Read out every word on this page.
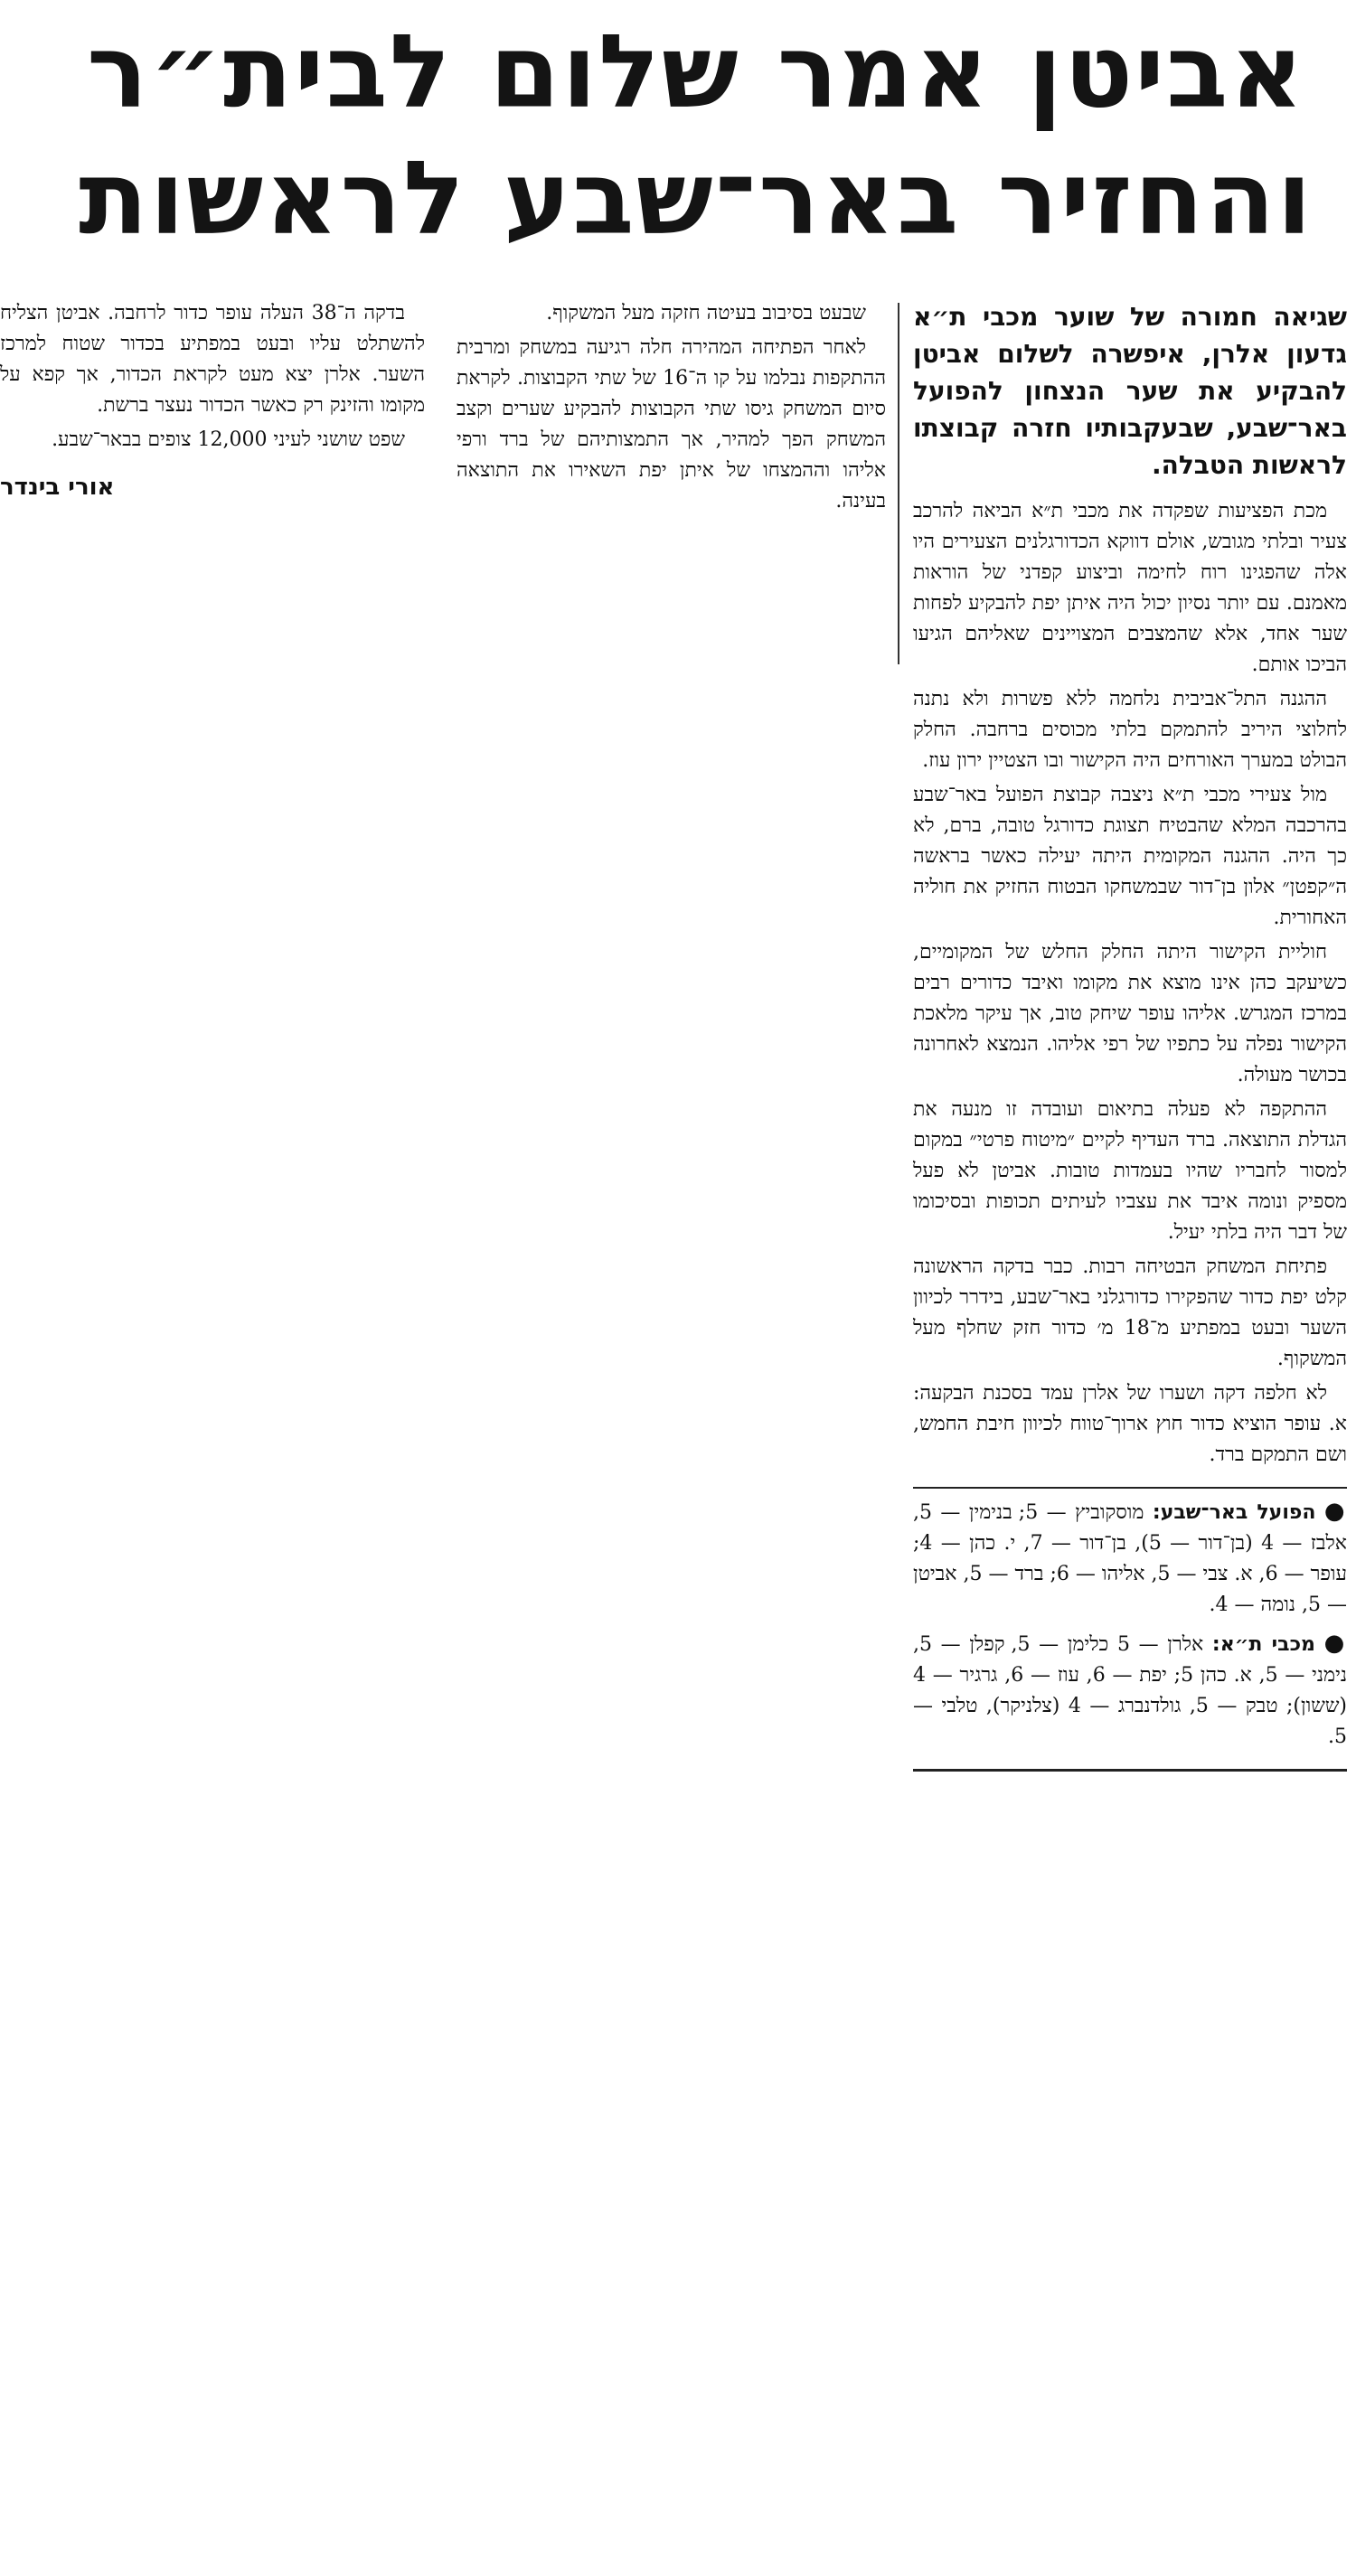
אביטן אמר שלום לבית״ר
והחזיר באר־שבע לראשות
שגיאה חמורה של שוער מכבי ת״א גדעון אלרן, איפשרה לשלום אביטן להבקיע את שער הנצחון להפועל באר־שבע, שבעקבותיו חזרה קבוצתו לראשות הטבלה.

מכת הפציעות שפקדה את מכבי ת״א הביאה להרכב צעיר ובלתי מגובש, אולם דווקא הכדורגלנים הצעירים היו אלה שהפגינו רוח לחימה וביצוע קפדני של הוראות מאמנם. עם יותר נסיון יכול היה איתן יפת להבקיע לפחות שער אחד, אלא שהמצבים המצויינים שאליהם הגיעו הביכו אותם.

ההגנה התל־אביבית נלחמה ללא פשרות ולא נתנה לחלוצי היריב להתמקם בלתי מכוסים ברחבה. החלק הבולט במערך האורחים היה הקישור ובו הצטיין ירון עוז.

מול צעירי מכבי ת״א ניצבה קבוצת הפועל באר־שבע בהרכבה המלא שהבטיח תצוגת כדורגל טובה, ברם, לא כך היה. ההגנה המקומית היתה יעילה כאשר בראשה ה״קפטן״ אלון בן־דור שבמשחקו הבטוח החזיק את חוליה האחורית.

חוליית הקישור היתה החלק החלש של המקומיים, כשיעקב כהן אינו מוצא את מקומו ואיבד כדורים רבים במרכז המגרש. אליהו עופר שיחק טוב, אך עיקר מלאכת הקישור נפלה על כתפיו של רפי אליהו. הנמצא לאחרונה בכושר מעולה.

ההתקפה לא פעלה בתיאום ועובדה זו מנעה את הגדלת התוצאה. ברד העדיף לקיים ״מיטוח פרטי״ במקום למסור לחבריו שהיו בעמדות טובות. אביטן לא פעל מספיק ונומה איבד את עצביו לעיתים תכופות ובסיכומו של דבר היה בלתי יעיל.

פתיחת המשחק הבטיחה רבות. כבר בדקה הראשונה קלט יפת כדור שהפקירו כדורגלני באר־שבע, בידרר לכיוון השער ובעט במפתיע מ־18 מ׳ כדור חזק שחלף מעל המשקוף.

לא חלפה דקה ושערו של אלרן עמד בסכנת הבקעה: א. עופר הוציא כדור חוץ ארוך־טווח לכיוון חיבת החמש, ושם התמקם ברד.

● הפועל באר־שבע: מוסקוביץ — 5; בנימין — 5, אלבז — 4 (בן־דור — 5), בן־דור — 7, י. כהן — 4; עופר — 6, א. צבי — 5, אליהו — 6; ברד — 5, אביטן — 5, נומה — 4.
● מכבי ת״א: אלרן — 5 כלימן — 5, קפלן — 5, נימני — 5, א. כהן 5; יפת — 6, עוז — 6, גרגיר — 4 (ששון); טבק — 5, גולדנברג — 4 (צלניקר), טלבי — 5.

שבעט בסיבוב בעיטה חזקה מעל המשקוף.

לאחר הפתיחה המהירה חלה רגיעה במשחק ומרבית ההתקפות נבלמו על קו ה־16 של שתי הקבוצות. לקראת סיום המשחק גיסו שתי הקבוצות להבקיע שערים וקצב המשחק הפך למהיר, אך התמצותיהם של ברד ורפי אליהו וההמצחו של איתן יפת השאירו את התוצאה בעינה.

בדקה ה־38 העלה עופר כדור לרחבה. אביטן הצליח להשתלט עליו ובעט במפתיע בכדור שטוח למרכז השער. אלרן יצא מעט לקראת הכדור, אך קפא על מקומו והזינק רק כאשר הכדור נעצר ברשת.

שפט שושני לעיני 12,000 צופים בבאר־שבע.

אורי בינדר
